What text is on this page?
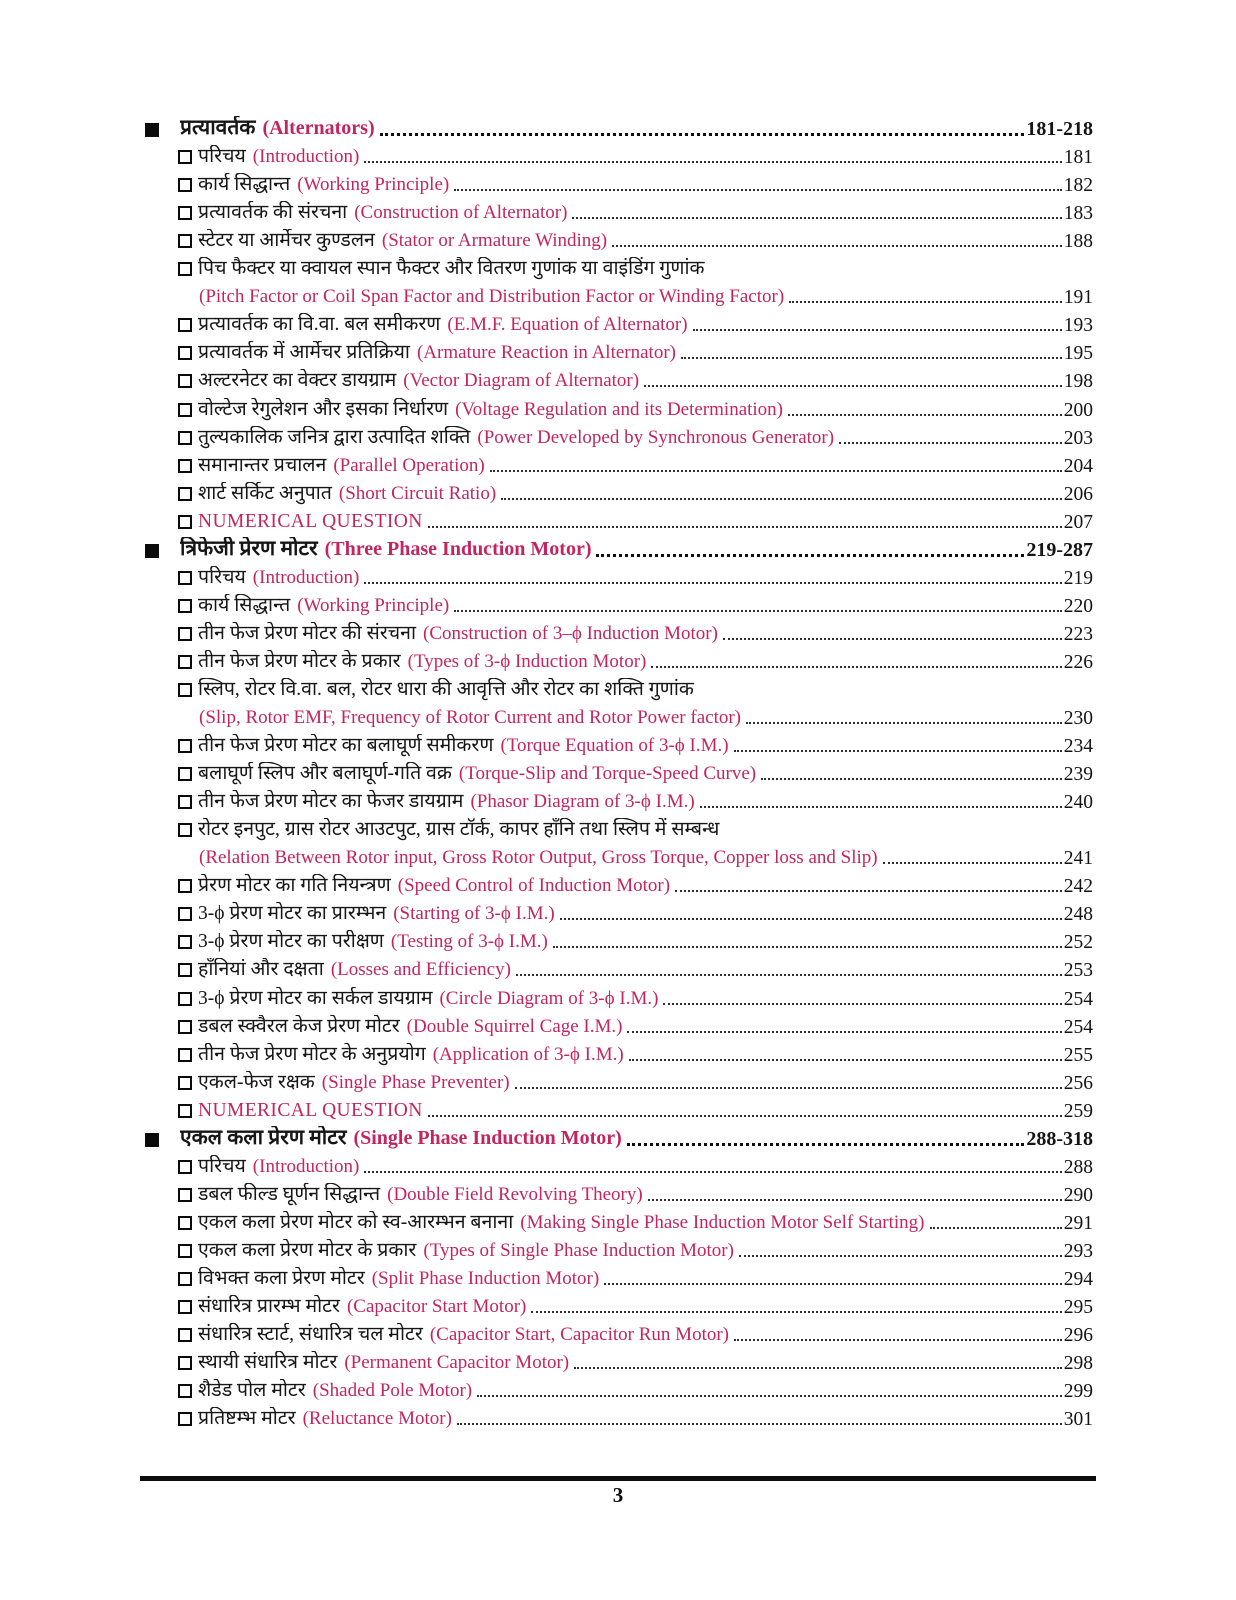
प्रत्यावर्तक (Alternators)	181-218
परिचय (Introduction)	181
कार्य सिद्धान्त (Working Principle)	182
प्रत्यावर्तक की संरचना (Construction of Alternator)	183
स्टेटर या आर्मेचर कुण्डलन (Stator or Armature Winding)	188
पिच फैक्टर या क्वायल स्पान फैक्टर और वितरण गुणांक या वाइंडिंग गुणांक
(Pitch Factor or Coil Span Factor and Distribution Factor or Winding Factor)	191
प्रत्यावर्तक का वि.वा. बल समीकरण (E.M.F. Equation of Alternator)	193
प्रत्यावर्तक में आर्मेचर प्रतिक्रिया (Armature Reaction in Alternator)	195
अल्टरनेटर का वेक्टर डायग्राम (Vector Diagram of Alternator)	198
वोल्टेज रेगुलेशन और इसका निर्धारण (Voltage Regulation and its Determination)	200
तुल्यकालिक जनित्र द्वारा उत्पादित शक्ति (Power Developed by Synchronous Generator)	203
समानान्तर प्रचालन (Parallel Operation)	204
शार्ट सर्किट अनुपात (Short Circuit Ratio)	206
NUMERICAL QUESTION	207
त्रिफेजी प्रेरण मोटर (Three Phase Induction Motor)	219-287
परिचय (Introduction)	219
कार्य सिद्धान्त (Working Principle)	220
तीन फेज प्रेरण मोटर की संरचना (Construction of 3–ϕ Induction Motor)	223
तीन फेज प्रेरण मोटर के प्रकार (Types of 3-ϕ Induction Motor)	226
स्लिप, रोटर वि.वा. बल, रोटर धारा की आवृत्ति और रोटर का शक्ति गुणांक
(Slip, Rotor EMF, Frequency of Rotor Current and Rotor Power factor)	230
तीन फेज प्रेरण मोटर का बलाघूर्ण समीकरण (Torque Equation of 3-ϕ I.M.)	234
बलाघूर्ण स्लिप और बलाघूर्ण-गति वक्र (Torque-Slip and Torque-Speed Curve)	239
तीन फेज प्रेरण मोटर का फेजर डायग्राम (Phasor Diagram of 3-ϕ I.M.)	240
रोटर इनपुट, ग्रास रोटर आउटपुट, ग्रास टॉर्क, कापर हाँनि तथा स्लिप में सम्बन्ध
(Relation Between Rotor input, Gross Rotor Output, Gross Torque, Copper loss and Slip)	241
प्रेरण मोटर का गति नियन्त्रण (Speed Control of Induction Motor)	242
3-ϕ प्रेरण मोटर का प्रारम्भन (Starting of 3-ϕ I.M.)	248
3-ϕ प्रेरण मोटर का परीक्षण (Testing of 3-ϕ I.M.)	252
हाँनियां और दक्षता (Losses and Efficiency)	253
3-ϕ प्रेरण मोटर का सर्कल डायग्राम (Circle Diagram of 3-ϕ I.M.)	254
डबल स्क्वैरल केज प्रेरण मोटर (Double Squirrel Cage I.M.)	254
तीन फेज प्रेरण मोटर के अनुप्रयोग (Application of 3-ϕ I.M.)	255
एकल-फेज रक्षक (Single Phase Preventer)	256
NUMERICAL QUESTION	259
एकल कला प्रेरण मोटर (Single Phase Induction Motor)	288-318
परिचय (Introduction)	288
डबल फील्ड घूर्णन सिद्धान्त (Double Field Revolving Theory)	290
एकल कला प्रेरण मोटर को स्व-आरम्भन बनाना (Making Single Phase Induction Motor Self Starting)	291
एकल कला प्रेरण मोटर के प्रकार (Types of Single Phase Induction Motor)	293
विभक्त कला प्रेरण मोटर (Split Phase Induction Motor)	294
संधारित्र प्रारम्भ मोटर (Capacitor Start Motor)	295
संधारित्र स्टार्ट, संधारित्र चल मोटर (Capacitor Start, Capacitor Run Motor)	296
स्थायी संधारित्र मोटर (Permanent Capacitor Motor)	298
शैडेड पोल मोटर (Shaded Pole Motor)	299
प्रतिष्टम्भ मोटर (Reluctance Motor)	301
3
